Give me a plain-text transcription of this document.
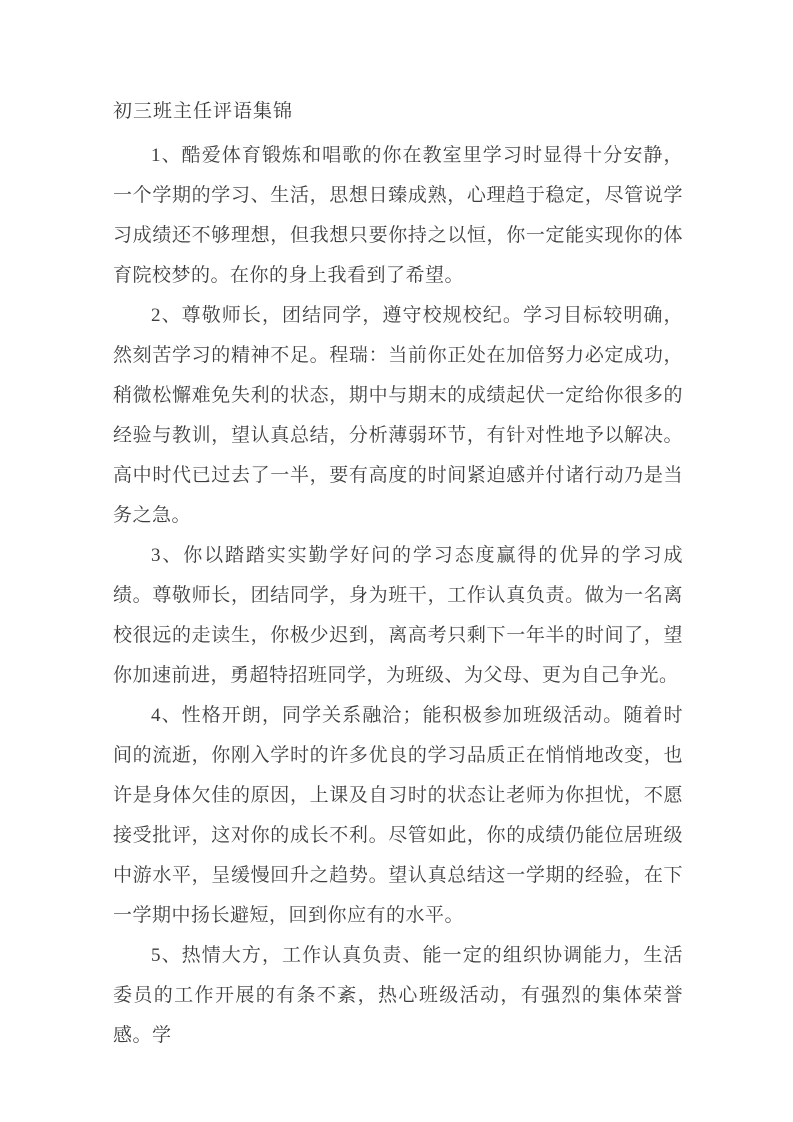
初三班主任评语集锦

1、酷爱体育锻炼和唱歌的你在教室里学习时显得十分安静，一个学期的学习、生活，思想日臻成熟，心理趋于稳定，尽管说学习成绩还不够理想，但我想只要你持之以恒，你一定能实现你的体育院校梦的。在你的身上我看到了希望。

2、尊敬师长，团结同学，遵守校规校纪。学习目标较明确，然刻苦学习的精神不足。程瑞：当前你正处在加倍努力必定成功，稍微松懈难免失利的状态，期中与期末的成绩起伏一定给你很多的经验与教训，望认真总结，分析薄弱环节，有针对性地予以解决。高中时代已过去了一半，要有高度的时间紧迫感并付诸行动乃是当务之急。

3、你以踏踏实实勤学好问的学习态度赢得的优异的学习成绩。尊敬师长，团结同学，身为班干，工作认真负责。做为一名离校很远的走读生，你极少迟到，离高考只剩下一年半的时间了，望你加速前进，勇超特招班同学，为班级、为父母、更为自己争光。

4、性格开朗，同学关系融洽；能积极参加班级活动。随着时间的流逝，你刚入学时的许多优良的学习品质正在悄悄地改变，也许是身体欠佳的原因，上课及自习时的状态让老师为你担忧，不愿接受批评，这对你的成长不利。尽管如此，你的成绩仍能位居班级中游水平，呈缓慢回升之趋势。望认真总结这一学期的经验，在下一学期中扬长避短，回到你应有的水平。

5、热情大方，工作认真负责、能一定的组织协调能力，生活委员的工作开展的有条不紊，热心班级活动，有强烈的集体荣誉感。学
